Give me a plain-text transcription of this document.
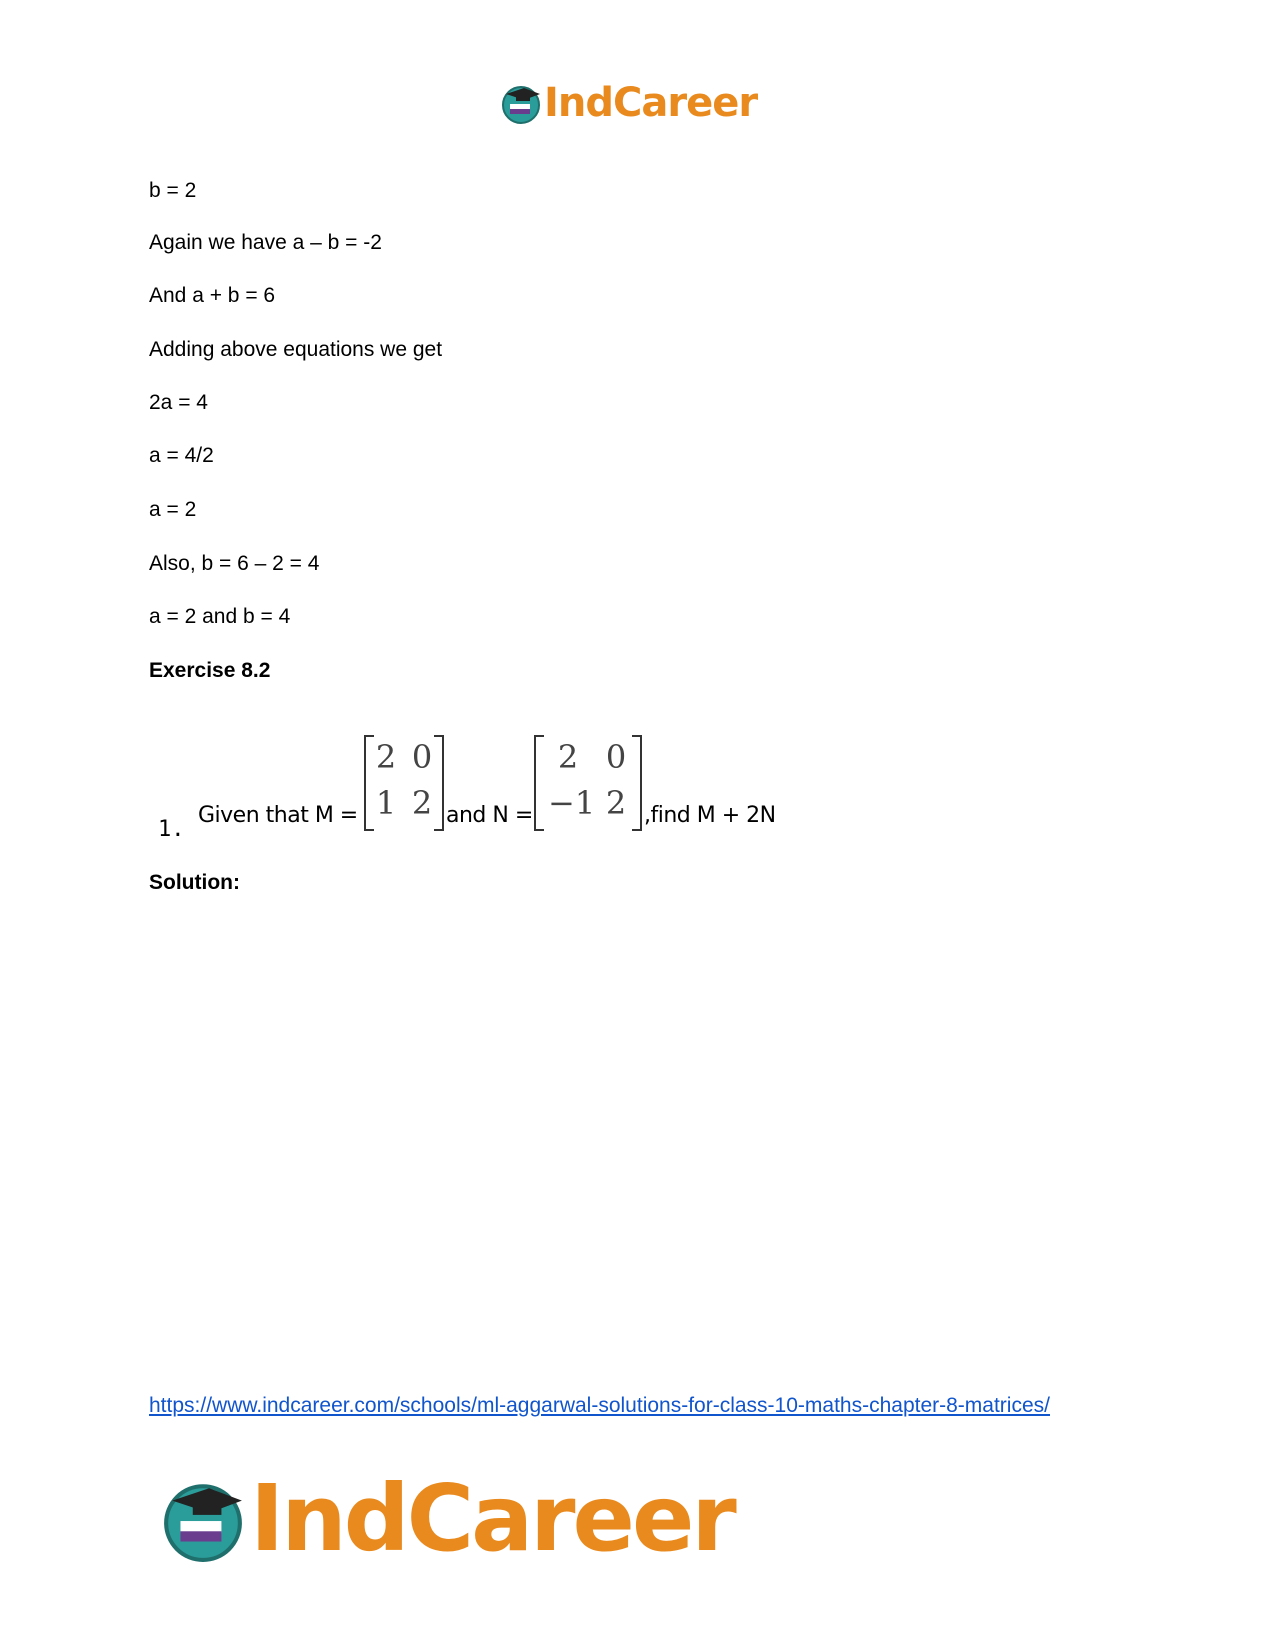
IndCareer
b = 2
Again we have a – b = -2
And a + b = 6
Adding above equations we get
2a = 4
a = 4/2
a = 2
Also, b = 6 – 2 = 4
a = 2 and b = 4
Exercise 8.2
1.
Given that M =
2 0
1 2 and N =
2 0
−1 2 ,find M + 2N
Solution:
https://www.indcareer.com/schools/ml-aggarwal-solutions-for-class-10-maths-chapter-8-matrices/
IndCareer
